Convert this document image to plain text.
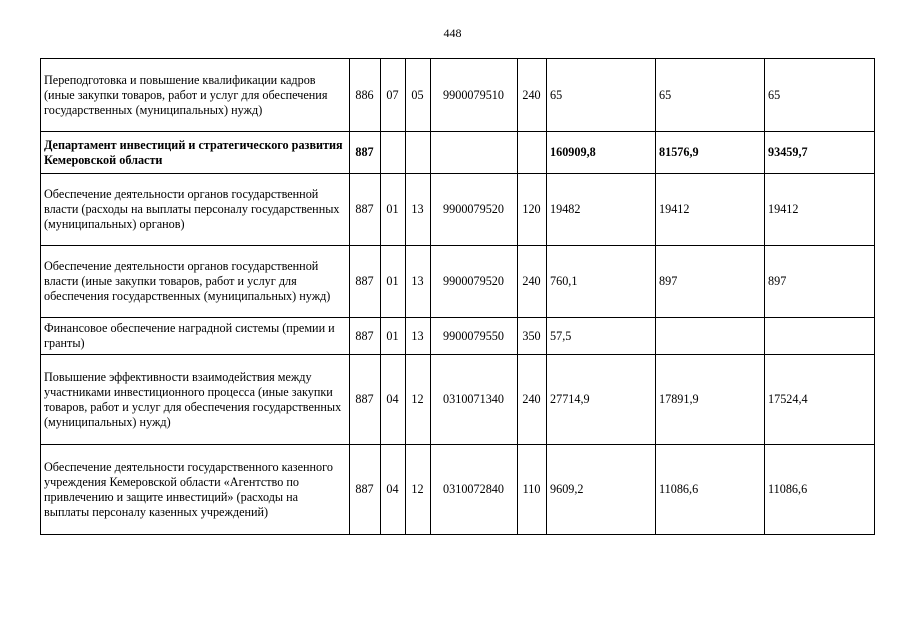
448
Переподготовка и повышение квалификации кадров (иные закупки товаров, работ и услуг для обеспечения государственных (муниципальных) нужд)	886	07	05	9900079510	240	65	65	65
Департамент инвестиций и стратегического развития Кемеровской области	887					160909,8	81576,9	93459,7
Обеспечение деятельности органов государственной власти (расходы на выплаты персоналу государственных (муниципальных) органов)	887	01	13	9900079520	120	19482	19412	19412
Обеспечение деятельности органов государственной власти (иные закупки товаров, работ и услуг для обеспечения государственных (муниципальных) нужд)	887	01	13	9900079520	240	760,1	897	897
Финансовое обеспечение наградной системы (премии и гранты)	887	01	13	9900079550	350	57,5		
Повышение эффективности взаимодействия между участниками инвестиционного процесса (иные закупки товаров, работ и услуг для обеспечения государственных (муниципальных) нужд)	887	04	12	0310071340	240	27714,9	17891,9	17524,4
Обеспечение деятельности государственного казенного учреждения Кемеровской области «Агентство по привлечению и защите инвестиций» (расходы на выплаты персоналу казенных учреждений)	887	04	12	0310072840	110	9609,2	11086,6	11086,6
